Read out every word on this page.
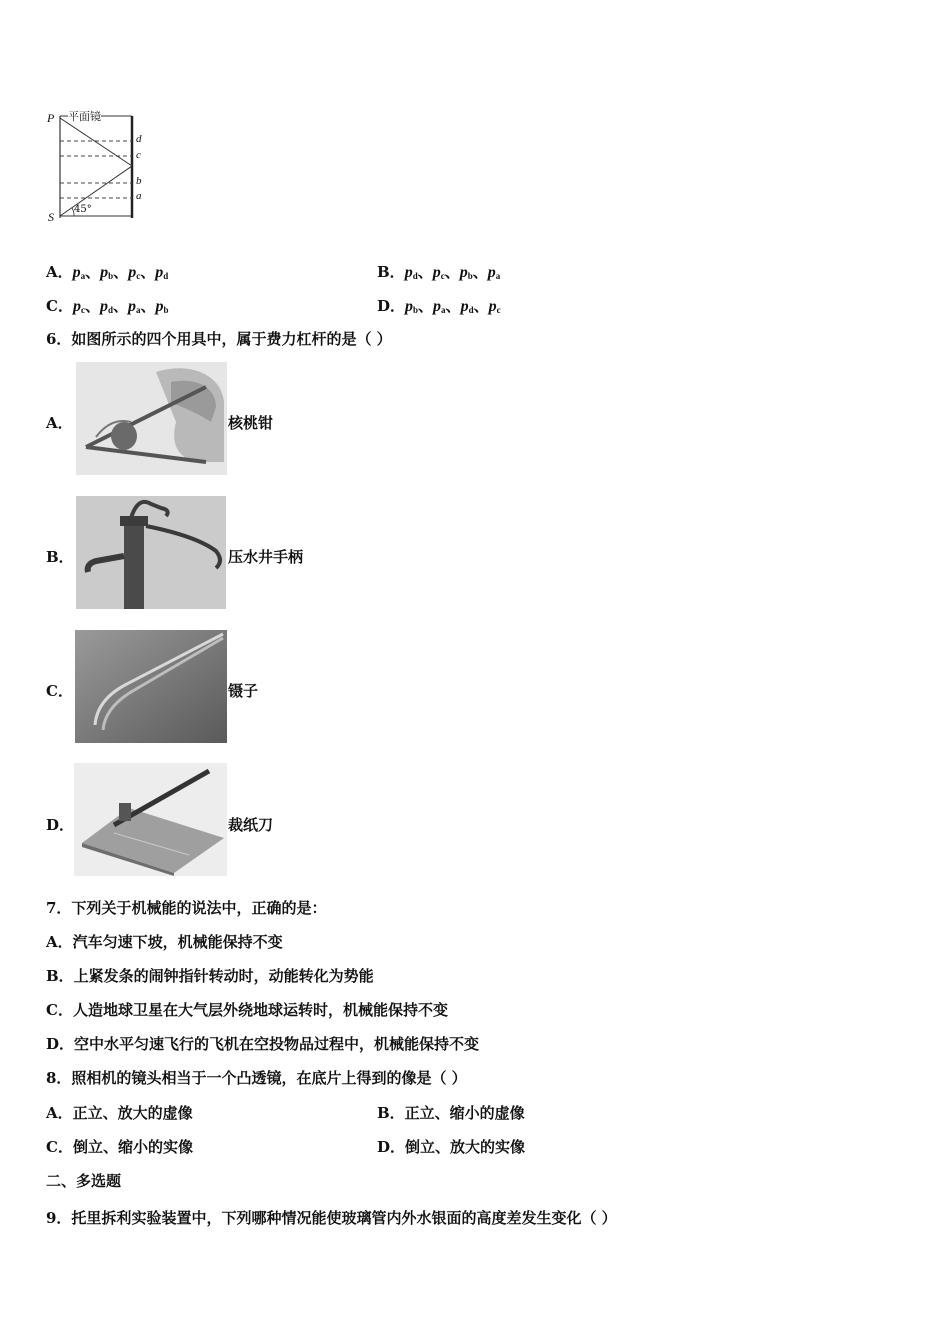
P
S
平面镜
45°
d
c
b
a
A．$p_a$、$p_b$、$p_c$、$p_d$	B．$p_d$、$p_c$、$p_b$、$p_a$
C．$p_c$、$p_d$、$p_a$、$p_b$	D．$p_b$、$p_a$、$p_d$、$p_c$
6．如图所示的四个用具中，属于费力杠杆的是（ ）
A．	核桃钳
B．	压水井手柄
C．	镊子
D．	裁纸刀
7．下列关于机械能的说法中，正确的是：
A．汽车匀速下坡，机械能保持不变
B．上紧发条的闹钟指针转动时，动能转化为势能
C．人造地球卫星在大气层外绕地球运转时，机械能保持不变
D．空中水平匀速飞行的飞机在空投物品过程中，机械能保持不变
8．照相机的镜头相当于一个凸透镜，在底片上得到的像是（ ）
A．正立、放大的虚像	B．正立、缩小的虚像
C．倒立、缩小的实像	D．倒立、放大的实像
二、多选题
9．托里拆利实验装置中，下列哪种情况能使玻璃管内外水银面的高度差发生变化（ ）
